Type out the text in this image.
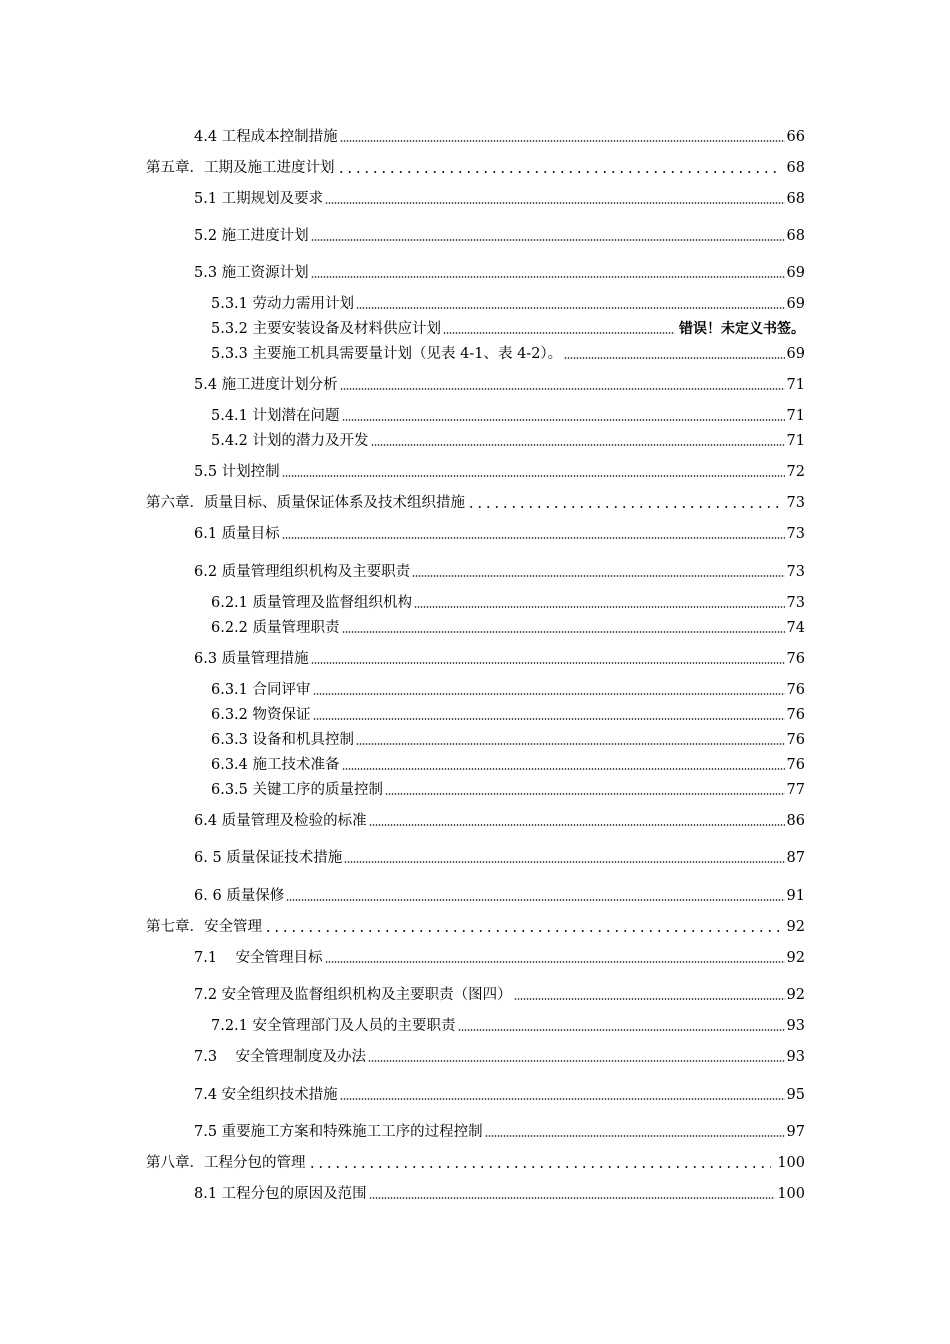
4.4 工程成本控制措施	66
第五章．工期及施工进度计划	68
5.1 工期规划及要求	68
5.2 施工进度计划	68
5.3 施工资源计划	69
5.3.1 劳动力需用计划	69
5.3.2 主要安装设备及材料供应计划	错误！未定义书签。
5.3.3 主要施工机具需要量计划（见表 4-1、表 4-2）。	69
5.4 施工进度计划分析	71
5.4.1 计划潜在问题	71
5.4.2 计划的潜力及开发	71
5.5 计划控制	72
第六章．质量目标、质量保证体系及技术组织措施	73
6.1 质量目标	73
6.2 质量管理组织机构及主要职责	73
6.2.1 质量管理及监督组织机构	73
6.2.2 质量管理职责	74
6.3 质量管理措施	76
6.3.1 合同评审	76
6.3.2 物资保证	76
6.3.3 设备和机具控制	76
6.3.4 施工技术准备	76
6.3.5 关键工序的质量控制	77
6.4 质量管理及检验的标准	86
6. 5 质量保证技术措施	87
6. 6 质量保修	91
第七章．安全管理	92
7.1    安全管理目标	92
7.2 安全管理及监督组织机构及主要职责（图四）	92
7.2.1 安全管理部门及人员的主要职责	93
7.3    安全管理制度及办法	93
7.4 安全组织技术措施	95
7.5 重要施工方案和特殊施工工序的过程控制	97
第八章．工程分包的管理	100
8.1 工程分包的原因及范围	100
